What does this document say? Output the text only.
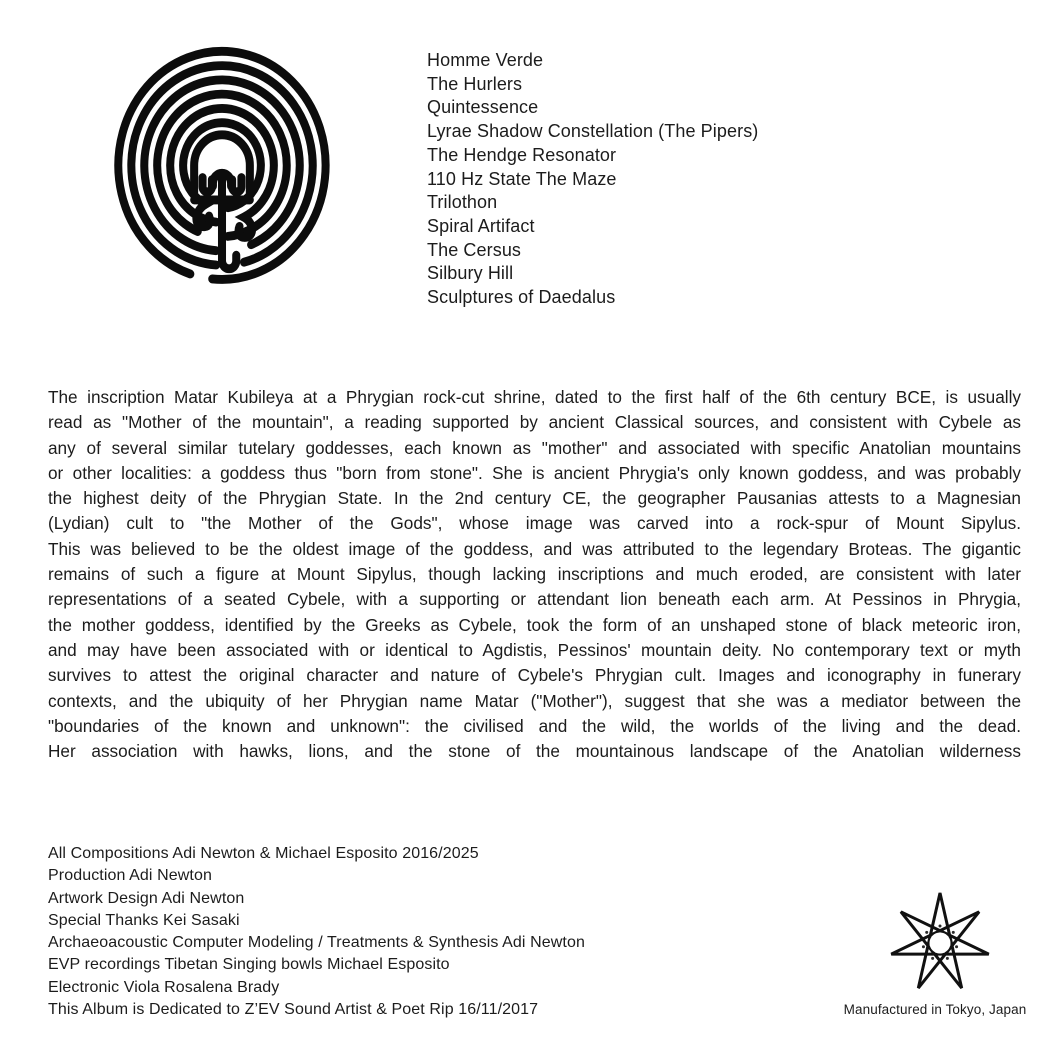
Homme Verde
The Hurlers
Quintessence
Lyrae Shadow Constellation (The Pipers)
The Hendge Resonator
110 Hz State The Maze
Trilothon
Spiral Artifact
The Cersus
Silbury Hill
Sculptures of Daedalus
The inscription Matar Kubileya at a Phrygian rock-cut shrine, dated to the first half of the 6th century BCE, is usually
read as "Mother of the mountain", a reading supported by ancient Classical sources, and consistent with Cybele as
any of several similar tutelary goddesses, each known as "mother" and associated with specific Anatolian mountains
or other localities: a goddess thus "born from stone". She is ancient Phrygia's only known goddess, and was probably
the highest deity of the Phrygian State. In the 2nd century CE, the geographer Pausanias attests to a Magnesian
(Lydian) cult to "the Mother of the Gods", whose image was carved into a rock-spur of Mount Sipylus.
This was believed to be the oldest image of the goddess, and was attributed to the legendary Broteas. The gigantic
remains of such a figure at Mount Sipylus, though lacking inscriptions and much eroded, are consistent with later
representations of a seated Cybele, with a supporting or attendant lion beneath each arm. At Pessinos in Phrygia,
the mother goddess, identified by the Greeks as Cybele, took the form of an unshaped stone of black meteoric iron,
and may have been associated with or identical to Agdistis, Pessinos' mountain deity. No contemporary text or myth
survives to attest the original character and nature of Cybele's Phrygian cult. Images and iconography in funerary
contexts, and the ubiquity of her Phrygian name Matar ("Mother"), suggest that she was a mediator between the
"boundaries of the known and unknown": the civilised and the wild, the worlds of the living and the dead.
Her association with hawks, lions, and the stone of the mountainous landscape of the Anatolian wilderness
All Compositions Adi Newton & Michael Esposito 2016/2025
Production Adi Newton
Artwork Design Adi Newton
Special Thanks Kei Sasaki
Archaeoacoustic Computer Modeling / Treatments & Synthesis Adi Newton
EVP recordings Tibetan Singing bowls Michael Esposito
Electronic Viola Rosalena Brady
This Album is Dedicated to Z’EV Sound Artist & Poet Rip 16/11/2017	Manufactured in Tokyo, Japan
